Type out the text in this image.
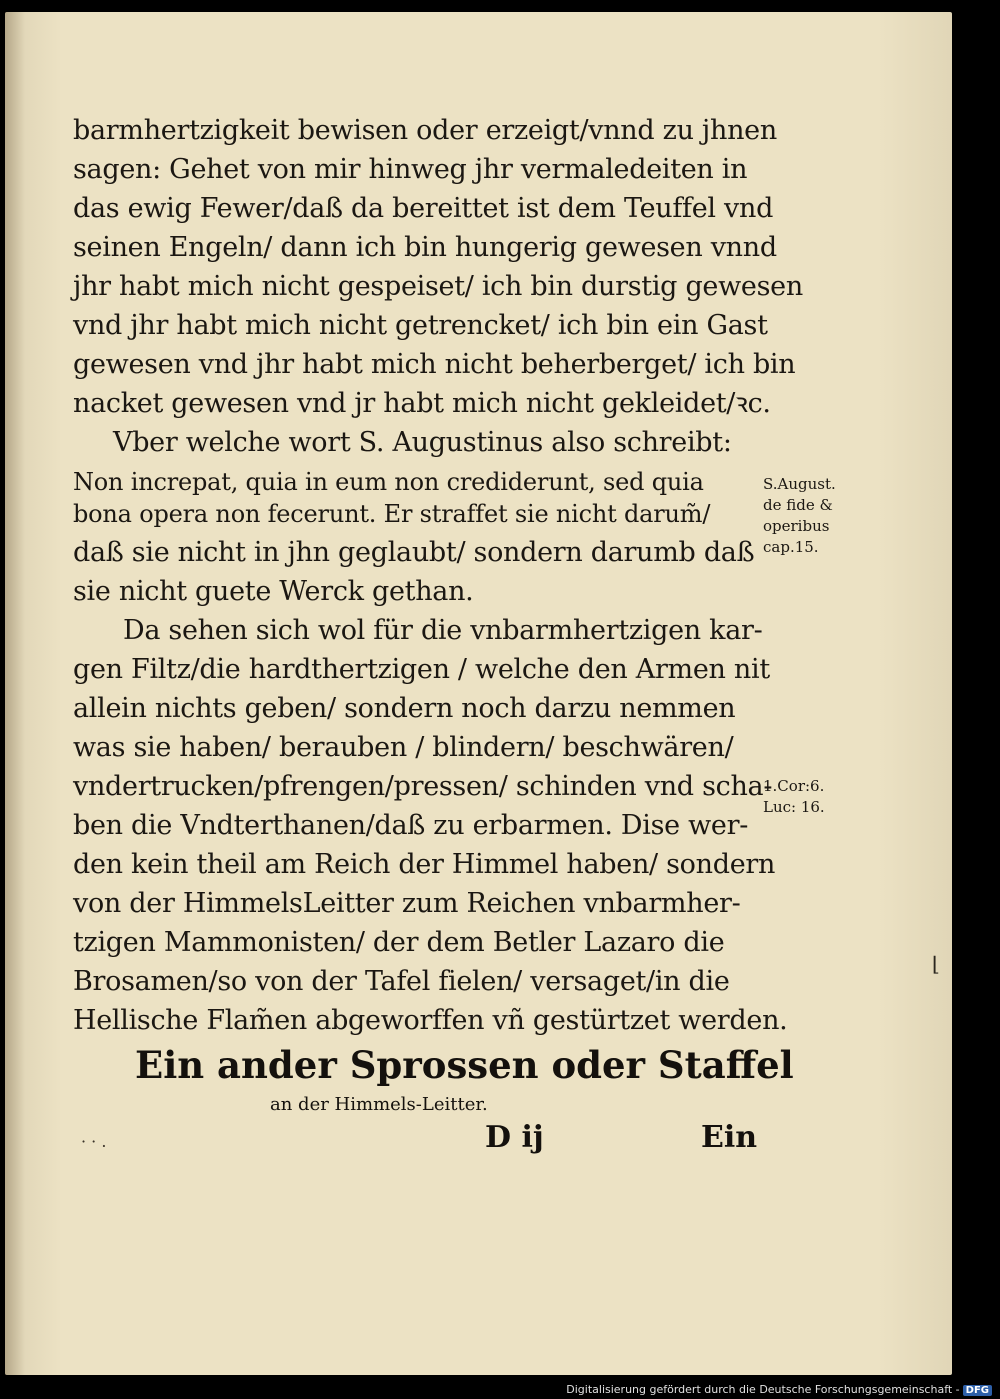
barmhertzigkeit bewisen oder erzeigt/vnnd zu jhnen
sagen: Gehet von mir hinweg jhr vermaledeiten in
das ewig Fewer/daß da bereittet ist dem Teuffel vnd
seinen Engeln/ dann ich bin hungerig gewesen vnnd
jhr habt mich nicht gespeiset/ ich bin durstig gewesen
vnd jhr habt mich nicht getrencket/ ich bin ein Gast
gewesen vnd jhr habt mich nicht beherberget/ ich bin
nacket gewesen vnd jr habt mich nicht gekleidet/ꝛc.
Vber welche wort S. Augustinus also schreibt:
Non increpat, quia in eum non crediderunt, sed quia
bona opera non fecerunt. Er straffet sie nicht darum̃/
daß sie nicht in jhn geglaubt/ sondern darumb daß
sie nicht guete Werck gethan.
Da sehen sich wol für die vnbarmhertzigen kar-
gen Filtz/die hardthertzigen / welche den Armen nit
allein nichts geben/ sondern noch darzu nemmen
was sie haben/ berauben / blindern/ beschwären/
vndertrucken/pfrengen/pressen/ schinden vnd scha-
ben die Vndterthanen/daß zu erbarmen. Dise wer-
den kein theil am Reich der Himmel haben/ sondern
von der HimmelsLeitter zum Reichen vnbarmher-
tzigen Mammonisten/ der dem Betler Lazaro die
Brosamen/so von der Tafel fielen/ versaget/in die
Hellische Flam̃en abgeworffen vñ gestürtzet werden.
S.August.
de fide &
operibus
cap.15.
1.Cor:6.
Luc: 16.
Ein ander Sprossen oder Staffel
an der Himmels-Leitter.
· · .	D ij	Ein
⌊
Digitalisierung gefördert durch die Deutsche Forschungsgemeinschaft - DFG
